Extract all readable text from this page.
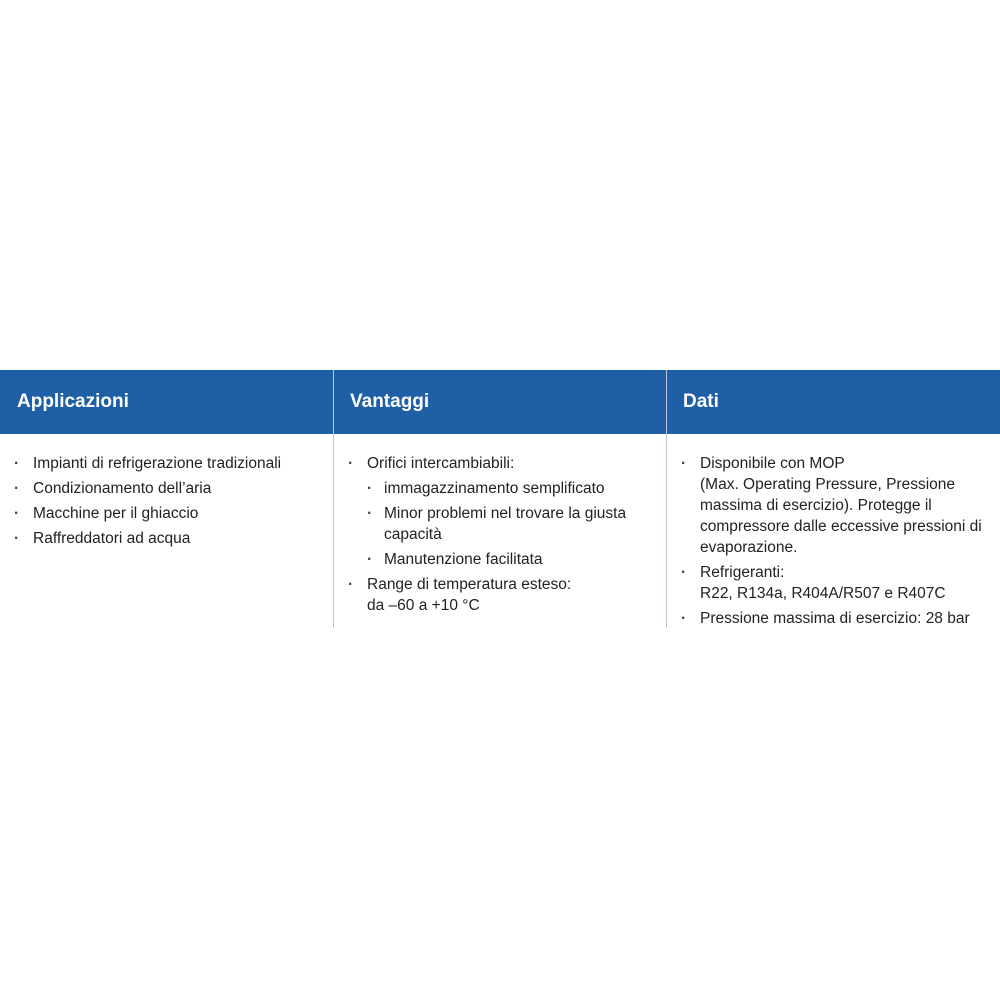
Applicazioni
· Impianti di refrigerazione tradizionali
· Condizionamento dell’aria
· Macchine per il ghiaccio
· Raffreddatori ad acqua
Vantaggi
· Orifici intercambiabili:
· immagazzinamento semplificato
· Minor problemi nel trovare la giusta capacità
· Manutenzione facilitata
· Range di temperatura esteso:
da –60 a +10 °C
Dati
· Disponibile con MOP
(Max. Operating Pressure, Pressione massima di esercizio). Protegge il compressore dalle eccessive pressioni di evaporazione.
· Refrigeranti:
R22, R134a, R404A/R507 e R407C
· Pressione massima di esercizio: 28 bar
